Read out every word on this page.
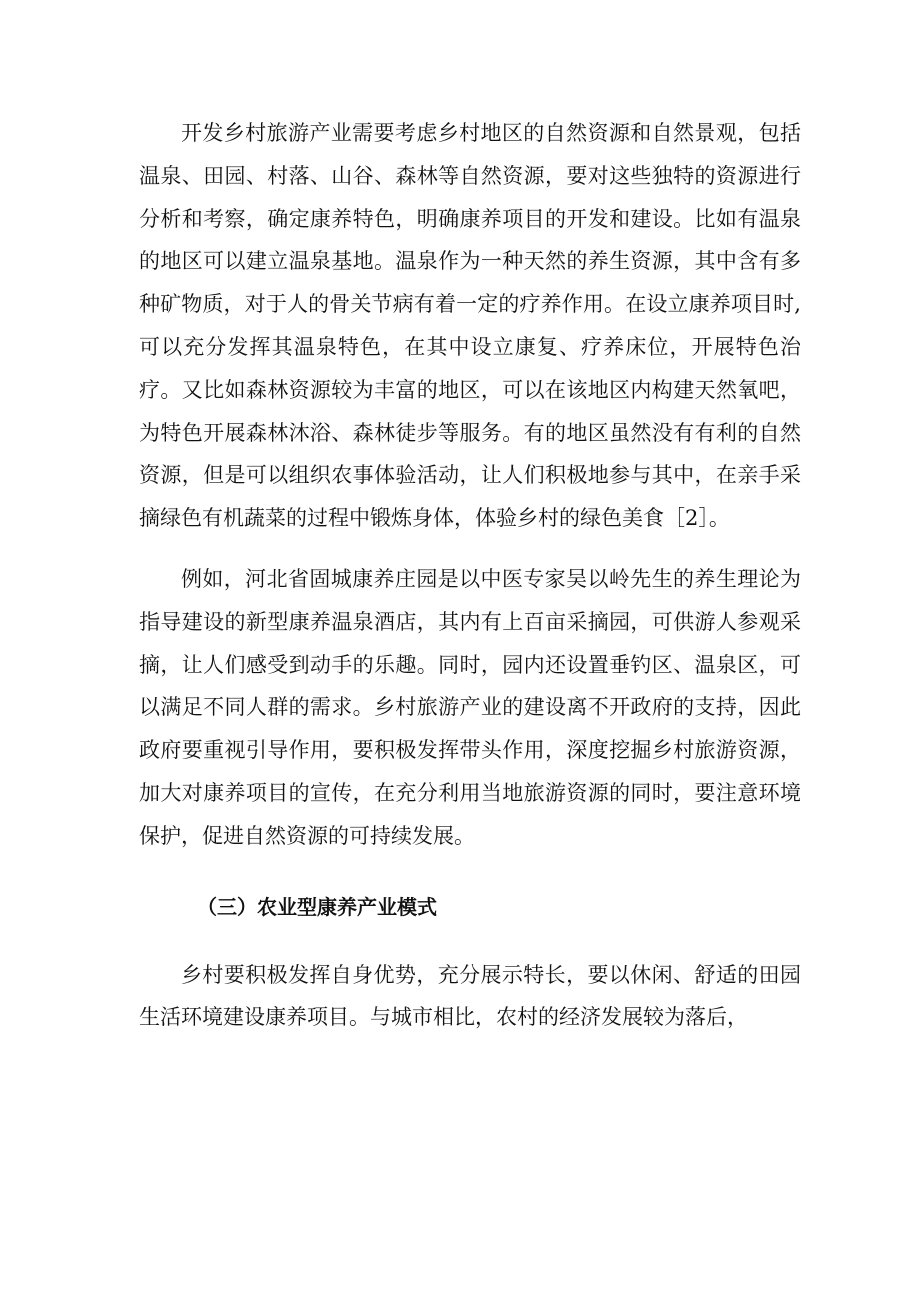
开发乡村旅游产业需要考虑乡村地区的自然资源和自然景观，包括温泉、田园、村落、山谷、森林等自然资源，要对这些独特的资源进行分析和考察，确定康养特色，明确康养项目的开发和建设。比如有温泉的地区可以建立温泉基地。温泉作为一种天然的养生资源，其中含有多种矿物质，对于人的骨关节病有着一定的疗养作用。在设立康养项目时,可以充分发挥其温泉特色，在其中设立康复、疗养床位，开展特色治疗。又比如森林资源较为丰富的地区，可以在该地区内构建天然氧吧，为特色开展森林沐浴、森林徒步等服务。有的地区虽然没有有利的自然资源，但是可以组织农事体验活动，让人们积极地参与其中，在亲手采摘绿色有机蔬菜的过程中锻炼身体，体验乡村的绿色美食［2］。

例如，河北省固城康养庄园是以中医专家吴以岭先生的养生理论为指导建设的新型康养温泉酒店，其内有上百亩采摘园，可供游人参观采摘，让人们感受到动手的乐趣。同时，园内还设置垂钓区、温泉区，可以满足不同人群的需求。乡村旅游产业的建设离不开政府的支持，因此政府要重视引导作用，要积极发挥带头作用，深度挖掘乡村旅游资源，加大对康养项目的宣传，在充分利用当地旅游资源的同时，要注意环境保护，促进自然资源的可持续发展。

（三）农业型康养产业模式

乡村要积极发挥自身优势，充分展示特长，要以休闲、舒适的田园生活环境建设康养项目。与城市相比，农村的经济发展较为落后，
